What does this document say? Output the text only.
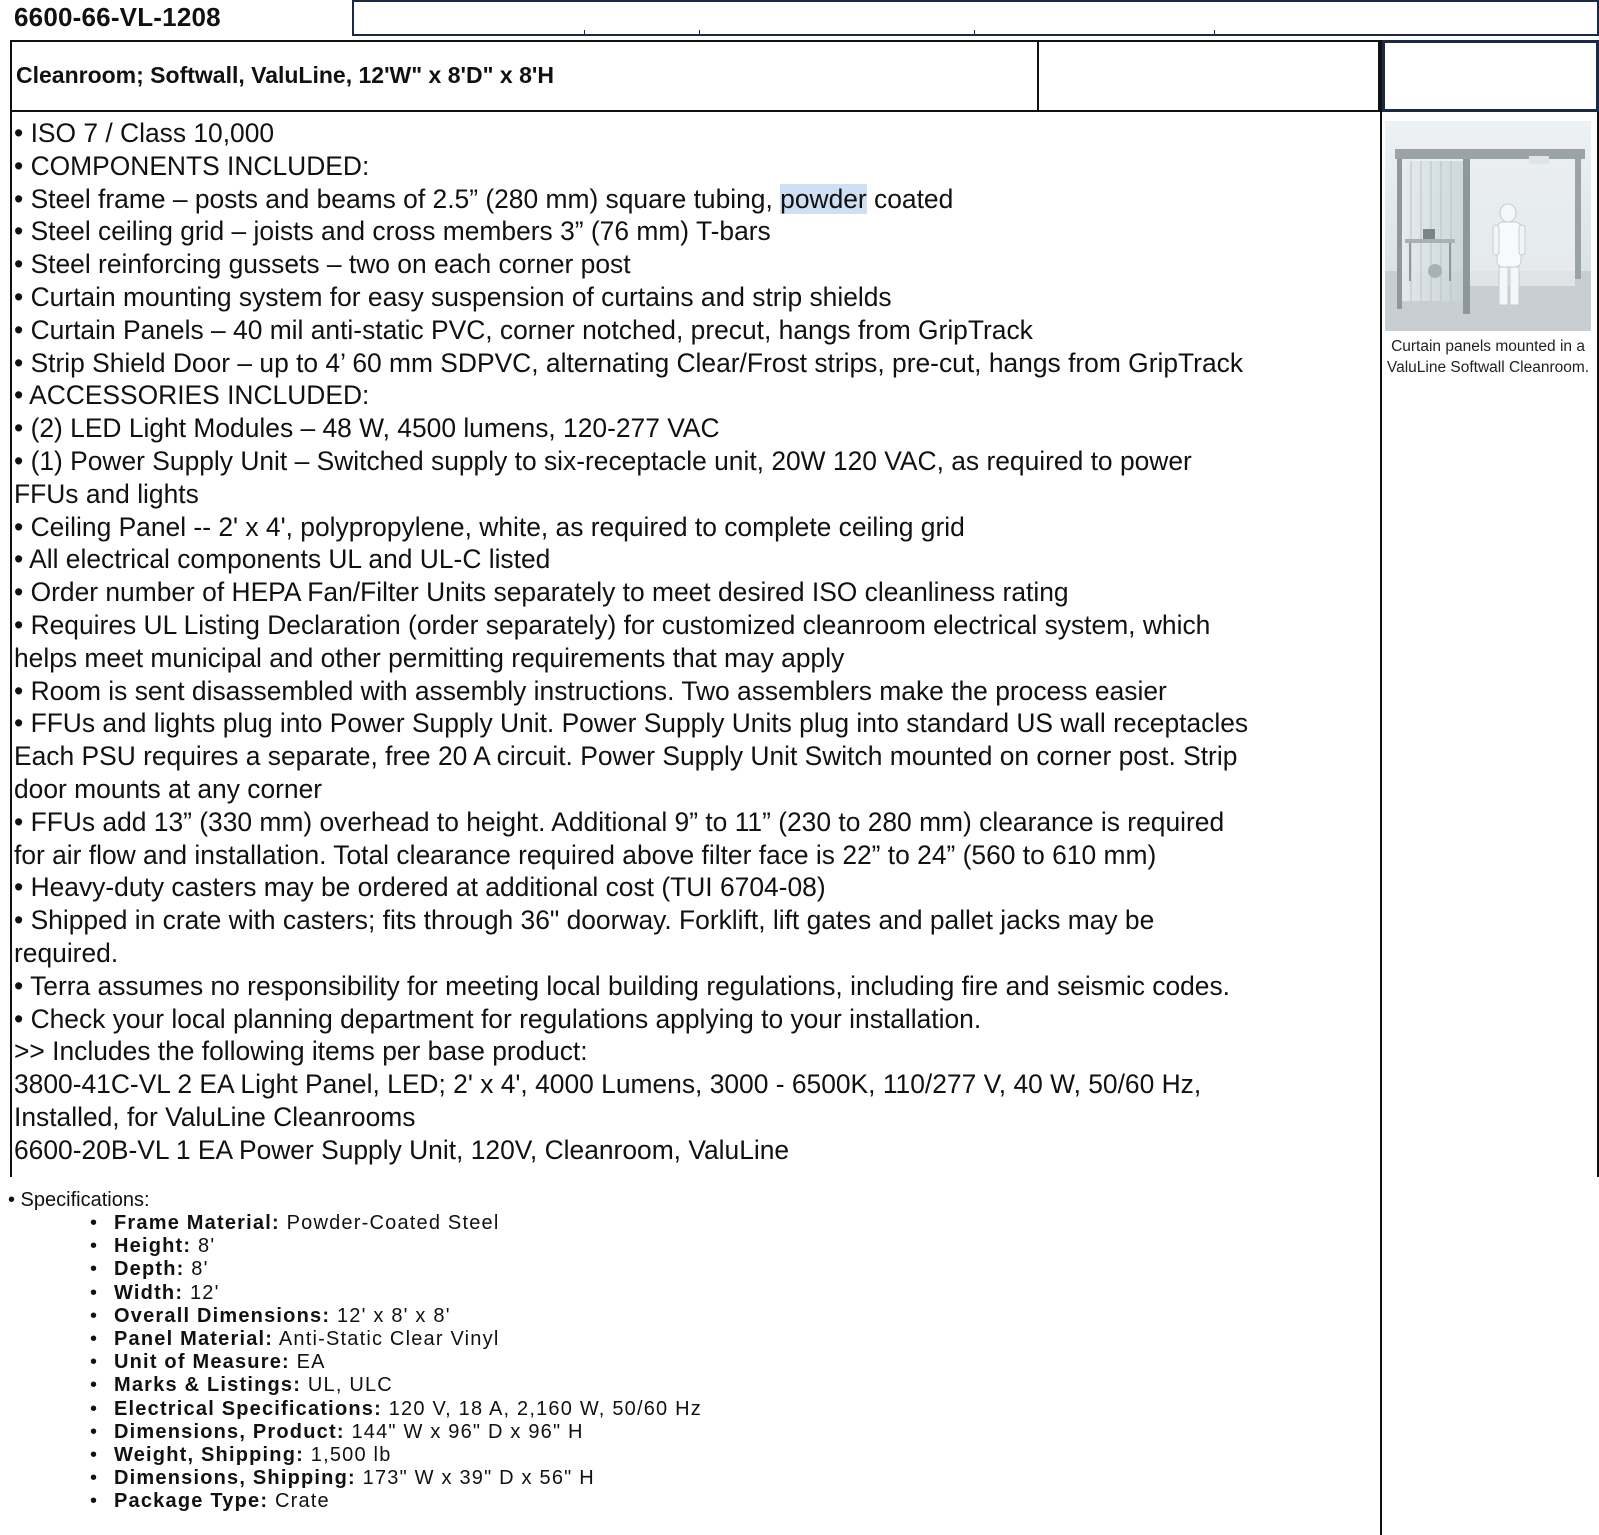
6600-66-VL-1208
Cleanroom; Softwall, ValuLine, 12'W" x 8'D" x 8'H
• ISO 7 / Class 10,000
• COMPONENTS INCLUDED:
• Steel frame – posts and beams of 2.5” (280 mm) square tubing, powder coated
• Steel ceiling grid – joists and cross members 3” (76 mm) T-bars
• Steel reinforcing gussets – two on each corner post
• Curtain mounting system for easy suspension of curtains and strip shields
• Curtain Panels – 40 mil anti-static PVC, corner notched, precut, hangs from GripTrack
• Strip Shield Door – up to 4’ 60 mm SDPVC, alternating Clear/Frost strips, pre-cut, hangs from GripTrack
• ACCESSORIES INCLUDED:
• (2) LED Light Modules – 48 W, 4500 lumens, 120-277 VAC
• (1) Power Supply Unit – Switched supply to six-receptacle unit, 20W 120 VAC, as required to power
FFUs and lights
• Ceiling Panel -- 2' x 4', polypropylene, white, as required to complete ceiling grid
• All electrical components UL and UL-C listed
• Order number of HEPA Fan/Filter Units separately to meet desired ISO cleanliness rating
• Requires UL Listing Declaration (order separately) for customized cleanroom electrical system, which
helps meet municipal and other permitting requirements that may apply
• Room is sent disassembled with assembly instructions. Two assemblers make the process easier
• FFUs and lights plug into Power Supply Unit. Power Supply Units plug into standard US wall receptacles
Each PSU requires a separate, free 20 A circuit. Power Supply Unit Switch mounted on corner post. Strip
door mounts at any corner
• FFUs add 13” (330 mm) overhead to height. Additional 9” to 11” (230 to 280 mm) clearance is required
for air flow and installation. Total clearance required above filter face is 22” to 24” (560 to 610 mm)
• Heavy-duty casters may be ordered at additional cost (TUI 6704-08)
• Shipped in crate with casters; fits through 36" doorway. Forklift, lift gates and pallet jacks may be
required.
• Terra assumes no responsibility for meeting local building regulations, including fire and seismic codes.
• Check your local planning department for regulations applying to your installation.
>> Includes the following items per base product:
3800-41C-VL 2 EA Light Panel, LED; 2' x 4', 4000 Lumens, 3000 - 6500K, 110/277 V, 40 W, 50/60 Hz,
Installed, for ValuLine Cleanrooms
6600-20B-VL 1 EA Power Supply Unit, 120V, Cleanroom, ValuLine
Curtain panels mounted in a ValuLine Softwall Cleanroom.
• Specifications:
• Frame Material: Powder-Coated Steel
• Height: 8'
• Depth: 8'
• Width: 12'
• Overall Dimensions: 12' x 8' x 8'
• Panel Material: Anti-Static Clear Vinyl
• Unit of Measure: EA
• Marks & Listings: UL, ULC
• Electrical Specifications: 120 V, 18 A, 2,160 W, 50/60 Hz
• Dimensions, Product: 144" W x 96" D x 96" H
• Weight, Shipping: 1,500 lb
• Dimensions, Shipping: 173" W x 39" D x 56" H
• Package Type: Crate
